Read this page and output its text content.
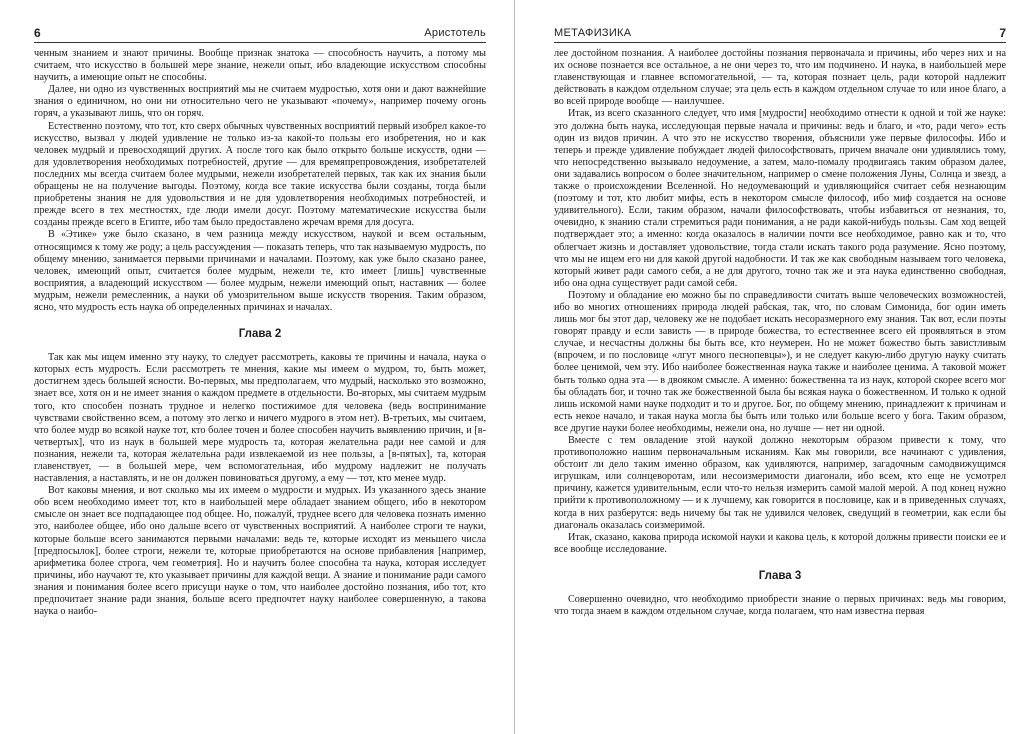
6	Аристотель

ченным знанием и знают причины. Вообще признак знатока — способность научить, а потому мы считаем, что искусство в большей мере знание, нежели опыт, ибо владеющие искусством способны научить, а имеющие опыт не способны.

Далее, ни одно из чувственных восприятий мы не считаем мудростью, хотя они и дают важнейшие знания о единичном, но они ни относительно чего не указывают «почему», например почему огонь горяч, а указывают лишь, что он горяч.

Естественно поэтому, что тот, кто сверх обычных чувственных восприятий первый изобрел какое-то искусство, вызвал у людей удивление не только из-за какой-то пользы его изобретения, но и как человек мудрый и превосходящий других. А после того как было открыто больше искусств, одни — для удовлетворения необходимых потребностей, другие — для времяпрепровождения, изобретателей последних мы всегда считаем более мудрыми, нежели изобретателей первых, так как их знания были обращены не на получение выгоды. Поэтому, когда все такие искусства были созданы, тогда были приобретены знания не для удовольствия и не для удовлетворения необходимых потребностей, и прежде всего в тех местностях, где люди имели досуг. Поэтому математические искусства были созданы прежде всего в Египте, ибо там было предоставлено жречам время для досуга.

В «Этике» уже было сказано, в чем разница между искусством, наукой и всем остальным, относящимся к тому же роду; а цель рассуждения — показать теперь, что так называемую мудрость, по общему мнению, занимается первыми причинами и началами. Поэтому, как уже было сказано ранее, человек, имеющий опыт, считается более мудрым, нежели те, кто имеет [лишь] чувственные восприятия, а владеющий искусством — более мудрым, нежели имеющий опыт, наставник — более мудрым, нежели ремесленник, а науки об умозрительном выше искусств творения. Таким образом, ясно, что мудрость есть наука об определенных причинах и началах.

Глава 2

Так как мы ищем именно эту науку, то следует рассмотреть, каковы те причины и начала, наука о которых есть мудрость. Если рассмотреть те мнения, какие мы имеем о мудром, то, быть может, достигнем здесь большей ясности. Во-первых, мы предполагаем, что мудрый, насколько это возможно, знает все, хотя он и не имеет знания о каждом предмете в отдельности. Во-вторых, мы считаем мудрым того, кто способен познать трудное и нелегко постижимое для человека (ведь воспринимание чувствами свойственно всем, а потому это легко и ничего мудрого в этом нет). В-третьих, мы считаем, что более мудр во всякой науке тот, кто более точен и более способен научить выявлению причин, и [в-четвертых], что из наук в большей мере мудрость та, которая желательна ради нее самой и для познания, нежели та, которая желательна ради извлекаемой из нее пользы, а [в-пятых], та, которая главенствует, — в большей мере, чем вспомогательная, ибо мудрому надлежит не получать наставления, а наставлять, и не он должен повиноваться другому, а ему — тот, кто менее мудр.

Вот каковы мнения, и вот сколько мы их имеем о мудрости и мудрых. Из указанного здесь знание обо всем необходимо имеет тот, кто в наибольшей мере обладает знанием общего, ибо в некотором смысле он знает все подпадающее под общее. Но, пожалуй, труднее всего для человека познать именно это, наиболее общее, ибо оно дальше всего от чувственных восприятий. А наиболее строги те науки, которые больше всего занимаются первыми началами: ведь те, которые исходят из меньшего числа [предпосылок], более строги, нежели те, которые приобретаются на основе прибавления [например, арифметика более строга, чем геометрия]. Но и научить более способна та наука, которая исследует причины, ибо научают те, кто указывает причины для каждой вещи. А знание и понимание ради самого знания и понимания более всего присущи науке о том, что наиболее достойно познания, ибо тот, кто предпочитает знание ради знания, больше всего предпочтет науку наиболее совершенную, а такова наука о наибо-

МЕТАФИЗИКА	7

лее достойном познания. А наиболее достойны познания первоначала и причины, ибо через них и на их основе познается все остальное, а не они через то, что им подчинено. И наука, в наибольшей мере главенствующая и главнее вспомогательной, — та, которая познает цель, ради которой надлежит действовать в каждом отдельном случае; эта цель есть в каждом отдельном случае то или иное благо, а во всей природе вообще — наилучшее.

Итак, из всего сказанного следует, что имя [мудрости] необходимо отнести к одной и той же науке: это должна быть наука, исследующая первые начала и причины: ведь и благо, и «то, ради чего» есть один из видов причин. А что это не искусство творения, объяснили уже первые философы. Ибо и теперь и прежде удивление побуждает людей философствовать, причем вначале они удивлялись тому, что непосредственно вызывало недоумение, а затем, мало-помалу продвигаясь таким образом далее, они задавались вопросом о более значительном, например о смене положения Луны, Солнца и звезд, а также о происхождении Вселенной. Но недоумевающий и удивляющийся считает себя незнающим (поэтому и тот, кто любит мифы, есть в некотором смысле философ, ибо миф создается на основе удивительного). Если, таким образом, начали философствовать, чтобы избавиться от незнания, то, очевидно, к знанию стали стремиться ради понимания, а не ради какой-нибудь пользы. Сам ход вещей подтверждает это; а именно: когда оказалось в наличии почти все необходимое, равно как и то, что облегчает жизнь и доставляет удовольствие, тогда стали искать такого рода разумение. Ясно поэтому, что мы не ищем его ни для какой другой надобности. И так же как свободным называем того человека, который живет ради самого себя, а не для другого, точно так же и эта наука единственно свободная, ибо она одна существует ради самой себя.

Поэтому и обладание ею можно бы по справедливости считать выше человеческих возможностей, ибо во многих отношениях природа людей рабская, так, что, по словам Симонида, бог один иметь лишь мог бы этот дар, человеку же не подобает искать несоразмерного ему знания. Так вот, если поэты говорят правду и если зависть — в природе божества, то естественнее всего ей проявляться в этом случае, и несчастны должны бы быть все, кто неумерен. Но не может божество быть завистливым (впрочем, и по пословице «лгут много песнопевцы»), и не следует какую-либо другую науку считать более ценимой, чем эту. Ибо наиболее божественная наука также и наиболее ценима. А таковой может быть только одна эта — в двояком смысле. А именно: божественна та из наук, которой скорее всего мог бы обладать бог, и точно так же божественной была бы всякая наука о божественном. И только к одной лишь искомой нами науке подходит и то и другое. Бог, по общему мнению, принадлежит к причинам и есть некое начало, и такая наука могла бы быть или только или больше всего у бога. Таким образом, все другие науки более необходимы, нежели она, но лучше — нет ни одной.

Вместе с тем овладение этой наукой должно некоторым образом привести к тому, что противоположно нашим первоначальным исканиям. Как мы говорили, все начинают с удивления, обстоит ли дело таким именно образом, как удивляются, например, загадочным самодвижущимся игрушкам, или солнцеворотам, или несоизмеримости диагонали, ибо всем, кто еще не усмотрел причину, кажется удивительным, если что-то нельзя измерить самой малой мерой. А под конец нужно прийти к противоположному — и к лучшему, как говорится в пословице, как и в приведенных случаях, когда в них разберутся: ведь ничему бы так не удивился человек, сведущий в геометрии, как если бы диагональ оказалась соизмеримой.

Итак, сказано, какова природа искомой науки и какова цель, к которой должны привести поиски ее и все вообще исследование.

Глава 3

Совершенно очевидно, что необходимо приобрести знание о первых причинах: ведь мы говорим, что тогда знаем в каждом отдельном случае, когда полагаем, что нам известна первая
